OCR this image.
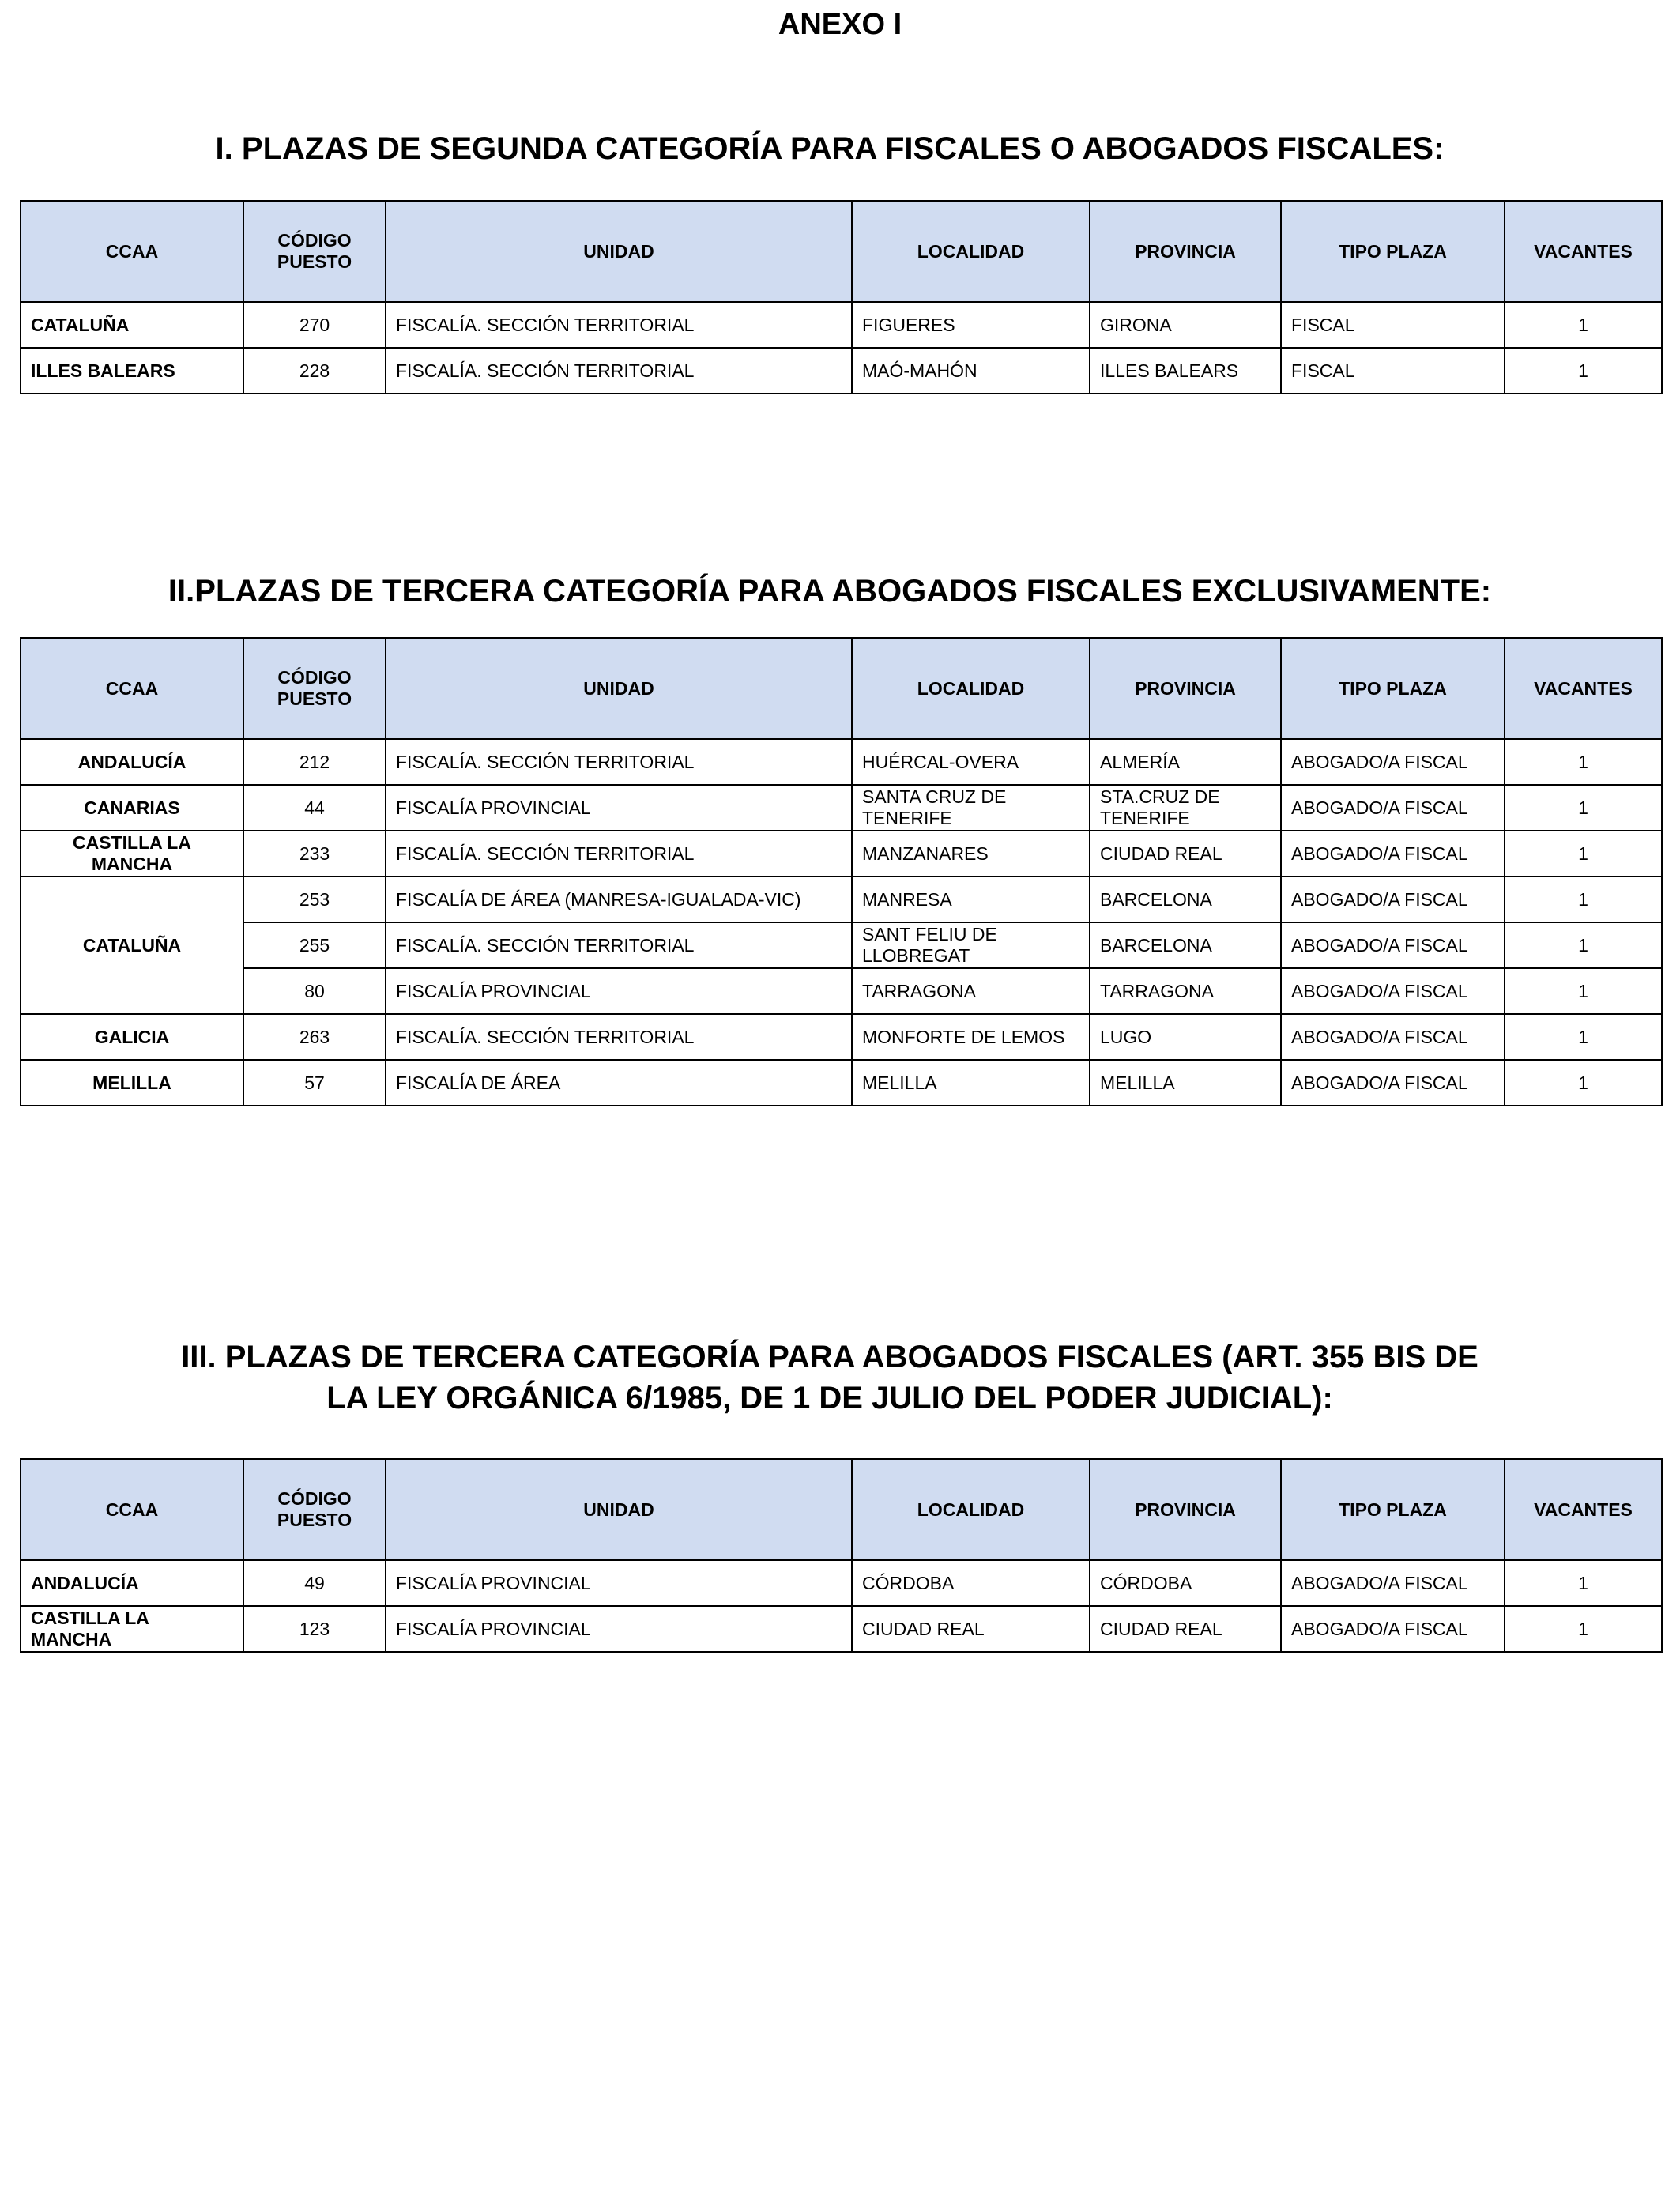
ANEXO I
I. PLAZAS DE SEGUNDA CATEGORÍA PARA FISCALES O ABOGADOS FISCALES:
CCAA	CÓDIGO PUESTO	UNIDAD	LOCALIDAD	PROVINCIA	TIPO PLAZA	VACANTES
CATALUÑA	270	FISCALÍA. SECCIÓN TERRITORIAL	FIGUERES	GIRONA	FISCAL	1
ILLES BALEARS	228	FISCALÍA. SECCIÓN TERRITORIAL	MAÓ-MAHÓN	ILLES BALEARS	FISCAL	1
II.PLAZAS DE TERCERA CATEGORÍA PARA ABOGADOS FISCALES EXCLUSIVAMENTE:
CCAA	CÓDIGO PUESTO	UNIDAD	LOCALIDAD	PROVINCIA	TIPO PLAZA	VACANTES
ANDALUCÍA	212	FISCALÍA. SECCIÓN TERRITORIAL	HUÉRCAL-OVERA	ALMERÍA	ABOGADO/A FISCAL	1
CANARIAS	44	FISCALÍA PROVINCIAL	SANTA CRUZ DE TENERIFE	STA.CRUZ DE TENERIFE	ABOGADO/A FISCAL	1
CASTILLA LA MANCHA	233	FISCALÍA. SECCIÓN TERRITORIAL	MANZANARES	CIUDAD REAL	ABOGADO/A FISCAL	1
CATALUÑA	253	FISCALÍA DE ÁREA (MANRESA-IGUALADA-VIC)	MANRESA	BARCELONA	ABOGADO/A FISCAL	1
	255	FISCALÍA. SECCIÓN TERRITORIAL	SANT FELIU DE LLOBREGAT	BARCELONA	ABOGADO/A FISCAL	1
	80	FISCALÍA PROVINCIAL	TARRAGONA	TARRAGONA	ABOGADO/A FISCAL	1
GALICIA	263	FISCALÍA. SECCIÓN TERRITORIAL	MONFORTE DE LEMOS	LUGO	ABOGADO/A FISCAL	1
MELILLA	57	FISCALÍA DE ÁREA	MELILLA	MELILLA	ABOGADO/A FISCAL	1
III. PLAZAS DE TERCERA CATEGORÍA PARA ABOGADOS FISCALES (ART. 355 BIS DE
LA LEY ORGÁNICA 6/1985, DE 1 DE JULIO DEL PODER JUDICIAL):
CCAA	CÓDIGO PUESTO	UNIDAD	LOCALIDAD	PROVINCIA	TIPO PLAZA	VACANTES
ANDALUCÍA	49	FISCALÍA PROVINCIAL	CÓRDOBA	CÓRDOBA	ABOGADO/A FISCAL	1
CASTILLA LA MANCHA	123	FISCALÍA PROVINCIAL	CIUDAD REAL	CIUDAD REAL	ABOGADO/A FISCAL	1
